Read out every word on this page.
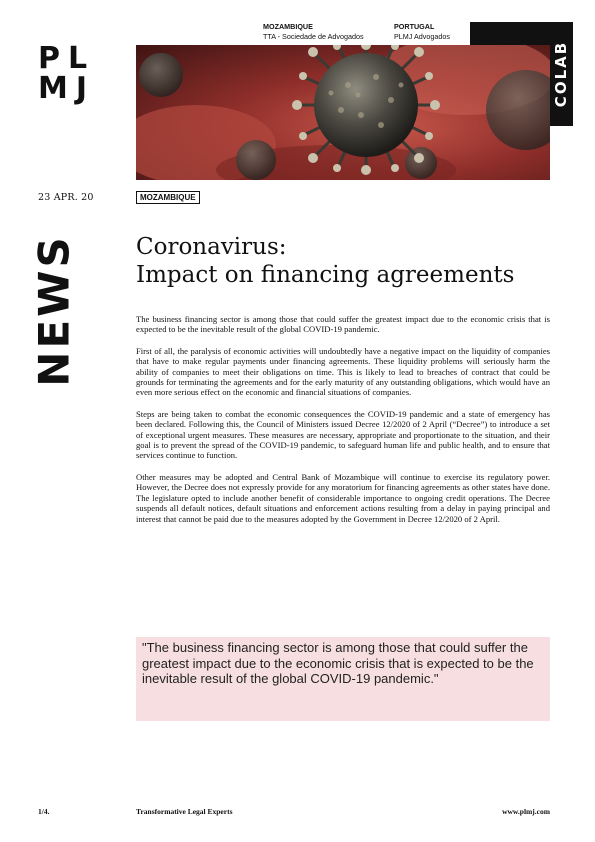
PL
MJ
MOZAMBIQUE
TTA - Sociedade de Advogados
PORTUGAL
PLMJ Advogados
COLAB
23 APR. 20	MOZAMBIQUE
NEWS Coronavirus:
Impact on financing agreements

The business financing sector is among those that could suffer the greatest impact due to the economic crisis that is expected to be the inevitable result of the global COVID-19 pandemic.

First of all, the paralysis of economic activities will undoubtedly have a negative impact on the liquidity of companies that have to make regular payments under financing agreements. These liquidity problems will seriously harm the ability of companies to meet their obligations on time. This is likely to lead to breaches of contract that could be grounds for terminating the agreements and for the early maturity of any outstanding obligations, which would have an even more serious effect on the economic and financial situations of companies.

Steps are being taken to combat the economic consequences the COVID-19 pandemic and a state of emergency has been declared. Following this, the Council of Ministers issued Decree 12/2020 of 2 April (“Decree”) to introduce a set of exceptional urgent measures. These measures are necessary, appropriate and proportionate to the situation, and their goal is to prevent the spread of the COVID-19 pandemic, to safeguard human life and public health, and to ensure that services continue to function.

Other measures may be adopted and Central Bank of Mozambique will continue to exercise its regulatory power. However, the Decree does not expressly provide for any moratorium for financing agreements as other states have done. The legislature opted to include another benefit of considerable importance to ongoing credit operations. The Decree suspends all default notices, default situations and enforcement actions resulting from a delay in paying principal and interest that cannot be paid due to the measures adopted by the Government in Decree 12/2020 of 2 April.

"The business financing sector is among those that could suffer the greatest impact due to the economic crisis that is expected to be the inevitable result of the global COVID-19 pandemic."

1/4.	Transformative Legal Experts	www.plmj.com
